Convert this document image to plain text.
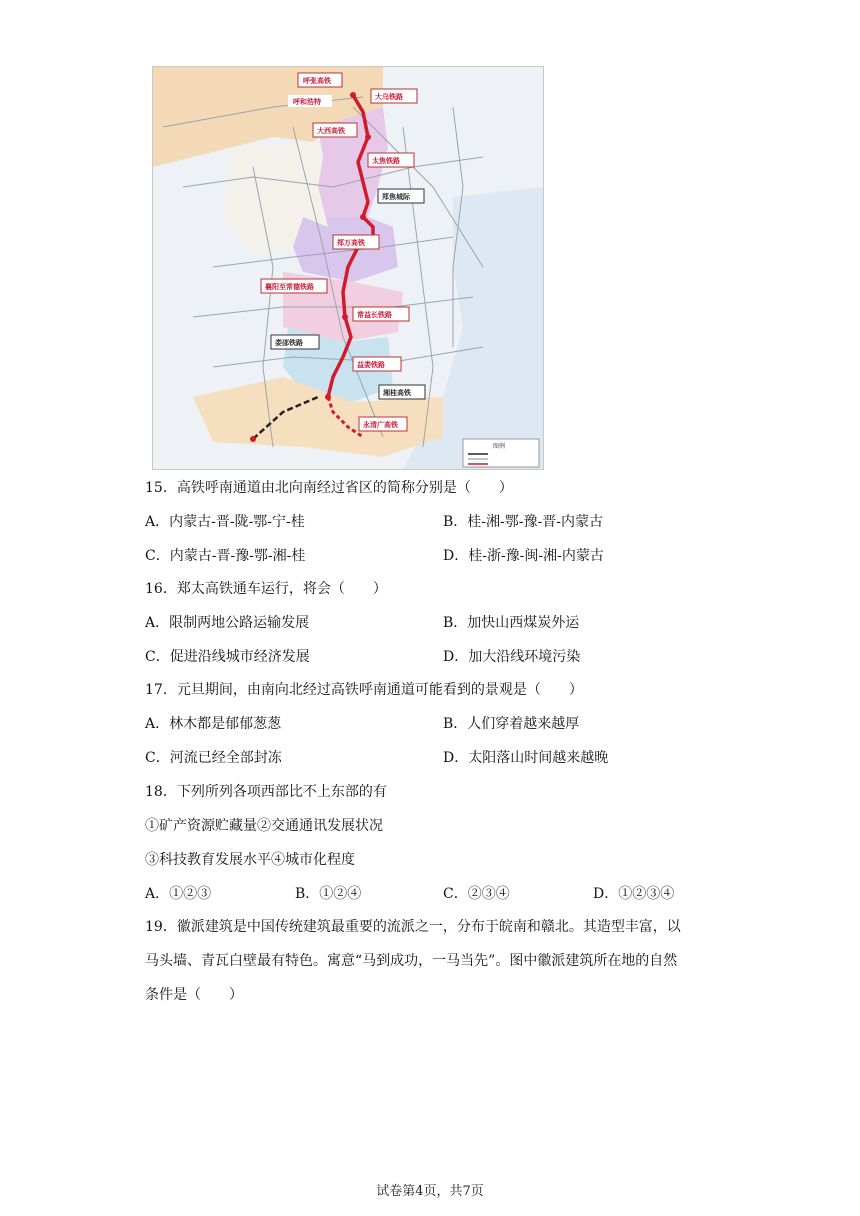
呼张高铁
呼和浩特
大乌铁路
大西高铁
太焦铁路
郑焦城际
郑万高铁
襄阳至常德铁路
常益长铁路
娄邵铁路
益娄铁路
湘桂高铁
永清广高铁
图例
15．高铁呼南通道由北向南经过省区的简称分别是（　　）
A．内蒙古-晋-陇-鄂-宁-桂	B．桂-湘-鄂-豫-晋-内蒙古
C．内蒙古-晋-豫-鄂-湘-桂	D．桂-浙-豫-闽-湘-内蒙古
16．郑太高铁通车运行，将会（　　）
A．限制两地公路运输发展	B．加快山西煤炭外运
C．促进沿线城市经济发展	D．加大沿线环境污染
17．元旦期间，由南向北经过高铁呼南通道可能看到的景观是（　　）
A．林木都是郁郁葱葱	B．人们穿着越来越厚
C．河流已经全部封冻	D．太阳落山时间越来越晚
18．下列所列各项西部比不上东部的有
①矿产资源贮藏量②交通通讯发展状况
③科技教育发展水平④城市化程度
A．①②③	B．①②④	C．②③④	D．①②③④
19．徽派建筑是中国传统建筑最重要的流派之一，分布于皖南和赣北。其造型丰富，以
马头墙、青瓦白壁最有特色。寓意“马到成功，一马当先”。图中徽派建筑所在地的自然
条件是（　　）
试卷第4页，共7页
